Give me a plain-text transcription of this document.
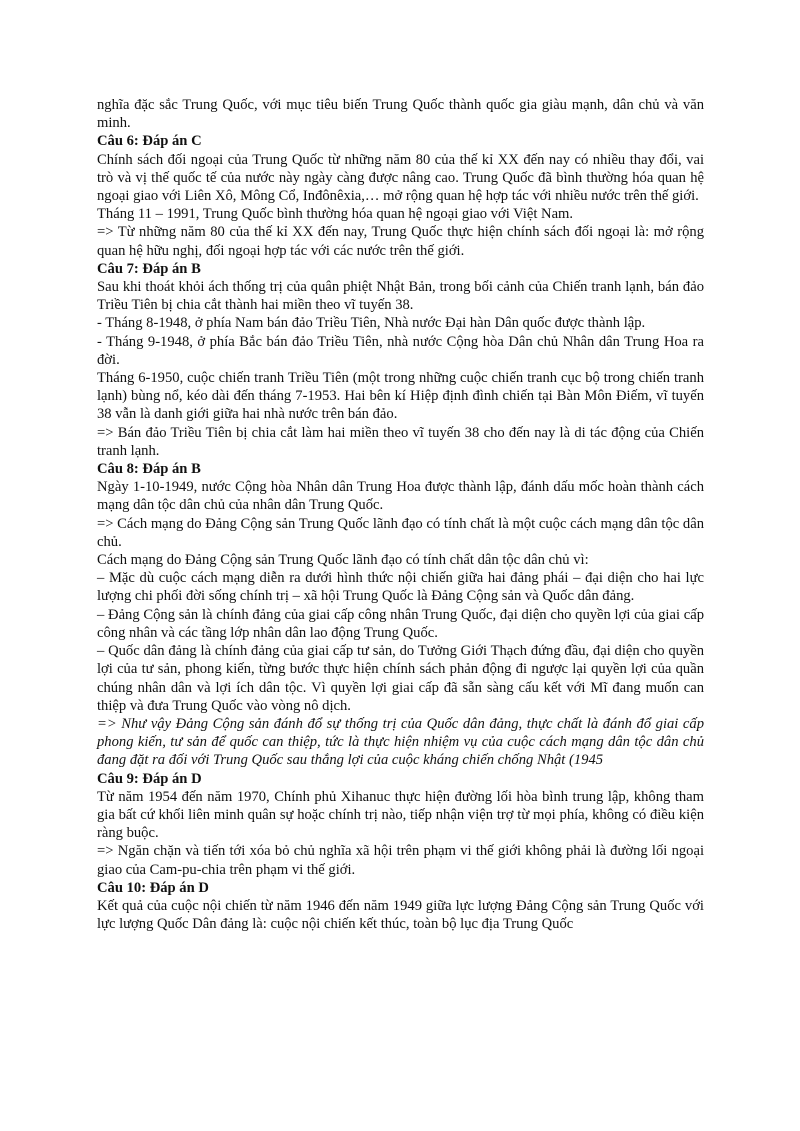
nghĩa đặc sắc Trung Quốc, với mục tiêu biến Trung Quốc thành quốc gia giàu mạnh, dân chủ và văn minh.

Câu 6: Đáp án C

Chính sách đối ngoại của Trung Quốc từ những năm 80 của thế kỉ XX đến nay có nhiều thay đổi, vai trò và vị thế quốc tế của nước này ngày càng được nâng cao. Trung Quốc đã bình thường hóa quan hệ ngoại giao với Liên Xô, Mông Cổ, Inđônêxia,… mở rộng quan hệ hợp tác với nhiều nước trên thế giới.

Tháng 11 – 1991, Trung Quốc bình thường hóa quan hệ ngoại giao với Việt Nam.

=> Từ những năm 80 của thế kỉ XX đến nay, Trung Quốc thực hiện chính sách đối ngoại là: mở rộng quan hệ hữu nghị, đối ngoại hợp tác với các nước trên thế giới.

Câu 7: Đáp án B

Sau khi thoát khỏi ách thống trị của quân phiệt Nhật Bản, trong bối cảnh của Chiến tranh lạnh, bán đảo Triều Tiên bị chia cắt thành hai miền theo vĩ tuyến 38.

- Tháng 8-1948, ở phía Nam bán đảo Triều Tiên, Nhà nước Đại hàn Dân quốc được thành lập.

- Tháng 9-1948, ở phía Bắc bán đảo Triều Tiên, nhà nước Cộng hòa Dân chủ Nhân dân Trung Hoa ra đời.

Tháng 6-1950, cuộc chiến tranh Triều Tiên (một trong những cuộc chiến tranh cục bộ trong chiến tranh lạnh) bùng nổ, kéo dài đến tháng 7-1953. Hai bên kí Hiệp định đình chiến tại Bàn Môn Điếm, vĩ tuyến 38 vẫn là danh giới giữa hai nhà nước trên bán đảo.

=> Bán đảo Triều Tiên bị chia cắt làm hai miền theo vĩ tuyến 38 cho đến nay là di tác động của Chiến tranh lạnh.

Câu 8: Đáp án B

Ngày 1-10-1949, nước Cộng hòa Nhân dân Trung Hoa được thành lập, đánh dấu mốc hoàn thành cách mạng dân tộc dân chủ của nhân dân Trung Quốc.

=> Cách mạng do Đảng Cộng sản Trung Quốc lãnh đạo có tính chất là một cuộc cách mạng dân tộc dân chủ.

Cách mạng do Đảng Cộng sản Trung Quốc lãnh đạo có tính chất dân tộc dân chủ vì:

– Mặc dù cuộc cách mạng diễn ra dưới hình thức nội chiến giữa hai đảng phái – đại diện cho hai lực lượng chi phối đời sống chính trị – xã hội Trung Quốc là Đảng Cộng sản và Quốc dân đảng.

– Đảng Cộng sản là chính đảng của giai cấp công nhân Trung Quốc, đại diện cho quyền lợi của giai cấp công nhân và các tầng lớp nhân dân lao động Trung Quốc.

– Quốc dân đảng là chính đảng của giai cấp tư sản, do Tưởng Giới Thạch đứng đầu, đại diện cho quyền lợi của tư sản, phong kiến, từng bước thực hiện chính sách phản động đi ngược lại quyền lợi của quần chúng nhân dân và lợi ích dân tộc. Vì quyền lợi giai cấp đã sẵn sàng cấu kết với Mĩ đang muốn can thiệp và đưa Trung Quốc vào vòng nô dịch.

=> Như vậy Đảng Cộng sản đánh đổ sự thống trị của Quốc dân đảng, thực chất là đánh đổ giai cấp phong kiến, tư sản để quốc can thiệp, tức là thực hiện nhiệm vụ của cuộc cách mạng dân tộc dân chủ đang đặt ra đối với Trung Quốc sau thắng lợi của cuộc kháng chiến chống Nhật (1945

Câu 9: Đáp án D

Từ năm 1954 đến năm 1970, Chính phủ Xihanuc thực hiện đường lối hòa bình trung lập, không tham gia bất cứ khối liên minh quân sự hoặc chính trị nào, tiếp nhận viện trợ từ mọi phía, không có điều kiện ràng buộc.

=> Ngăn chặn và tiến tới xóa bỏ chủ nghĩa xã hội trên phạm vi thế giới không phải là đường lối ngoại giao của Cam-pu-chia trên phạm vi thế giới.

Câu 10: Đáp án D

Kết quả của cuộc nội chiến từ năm 1946 đến năm 1949 giữa lực lượng Đảng Cộng sản Trung Quốc với lực lượng Quốc Dân đảng là: cuộc nội chiến kết thúc, toàn bộ lục địa Trung Quốc
